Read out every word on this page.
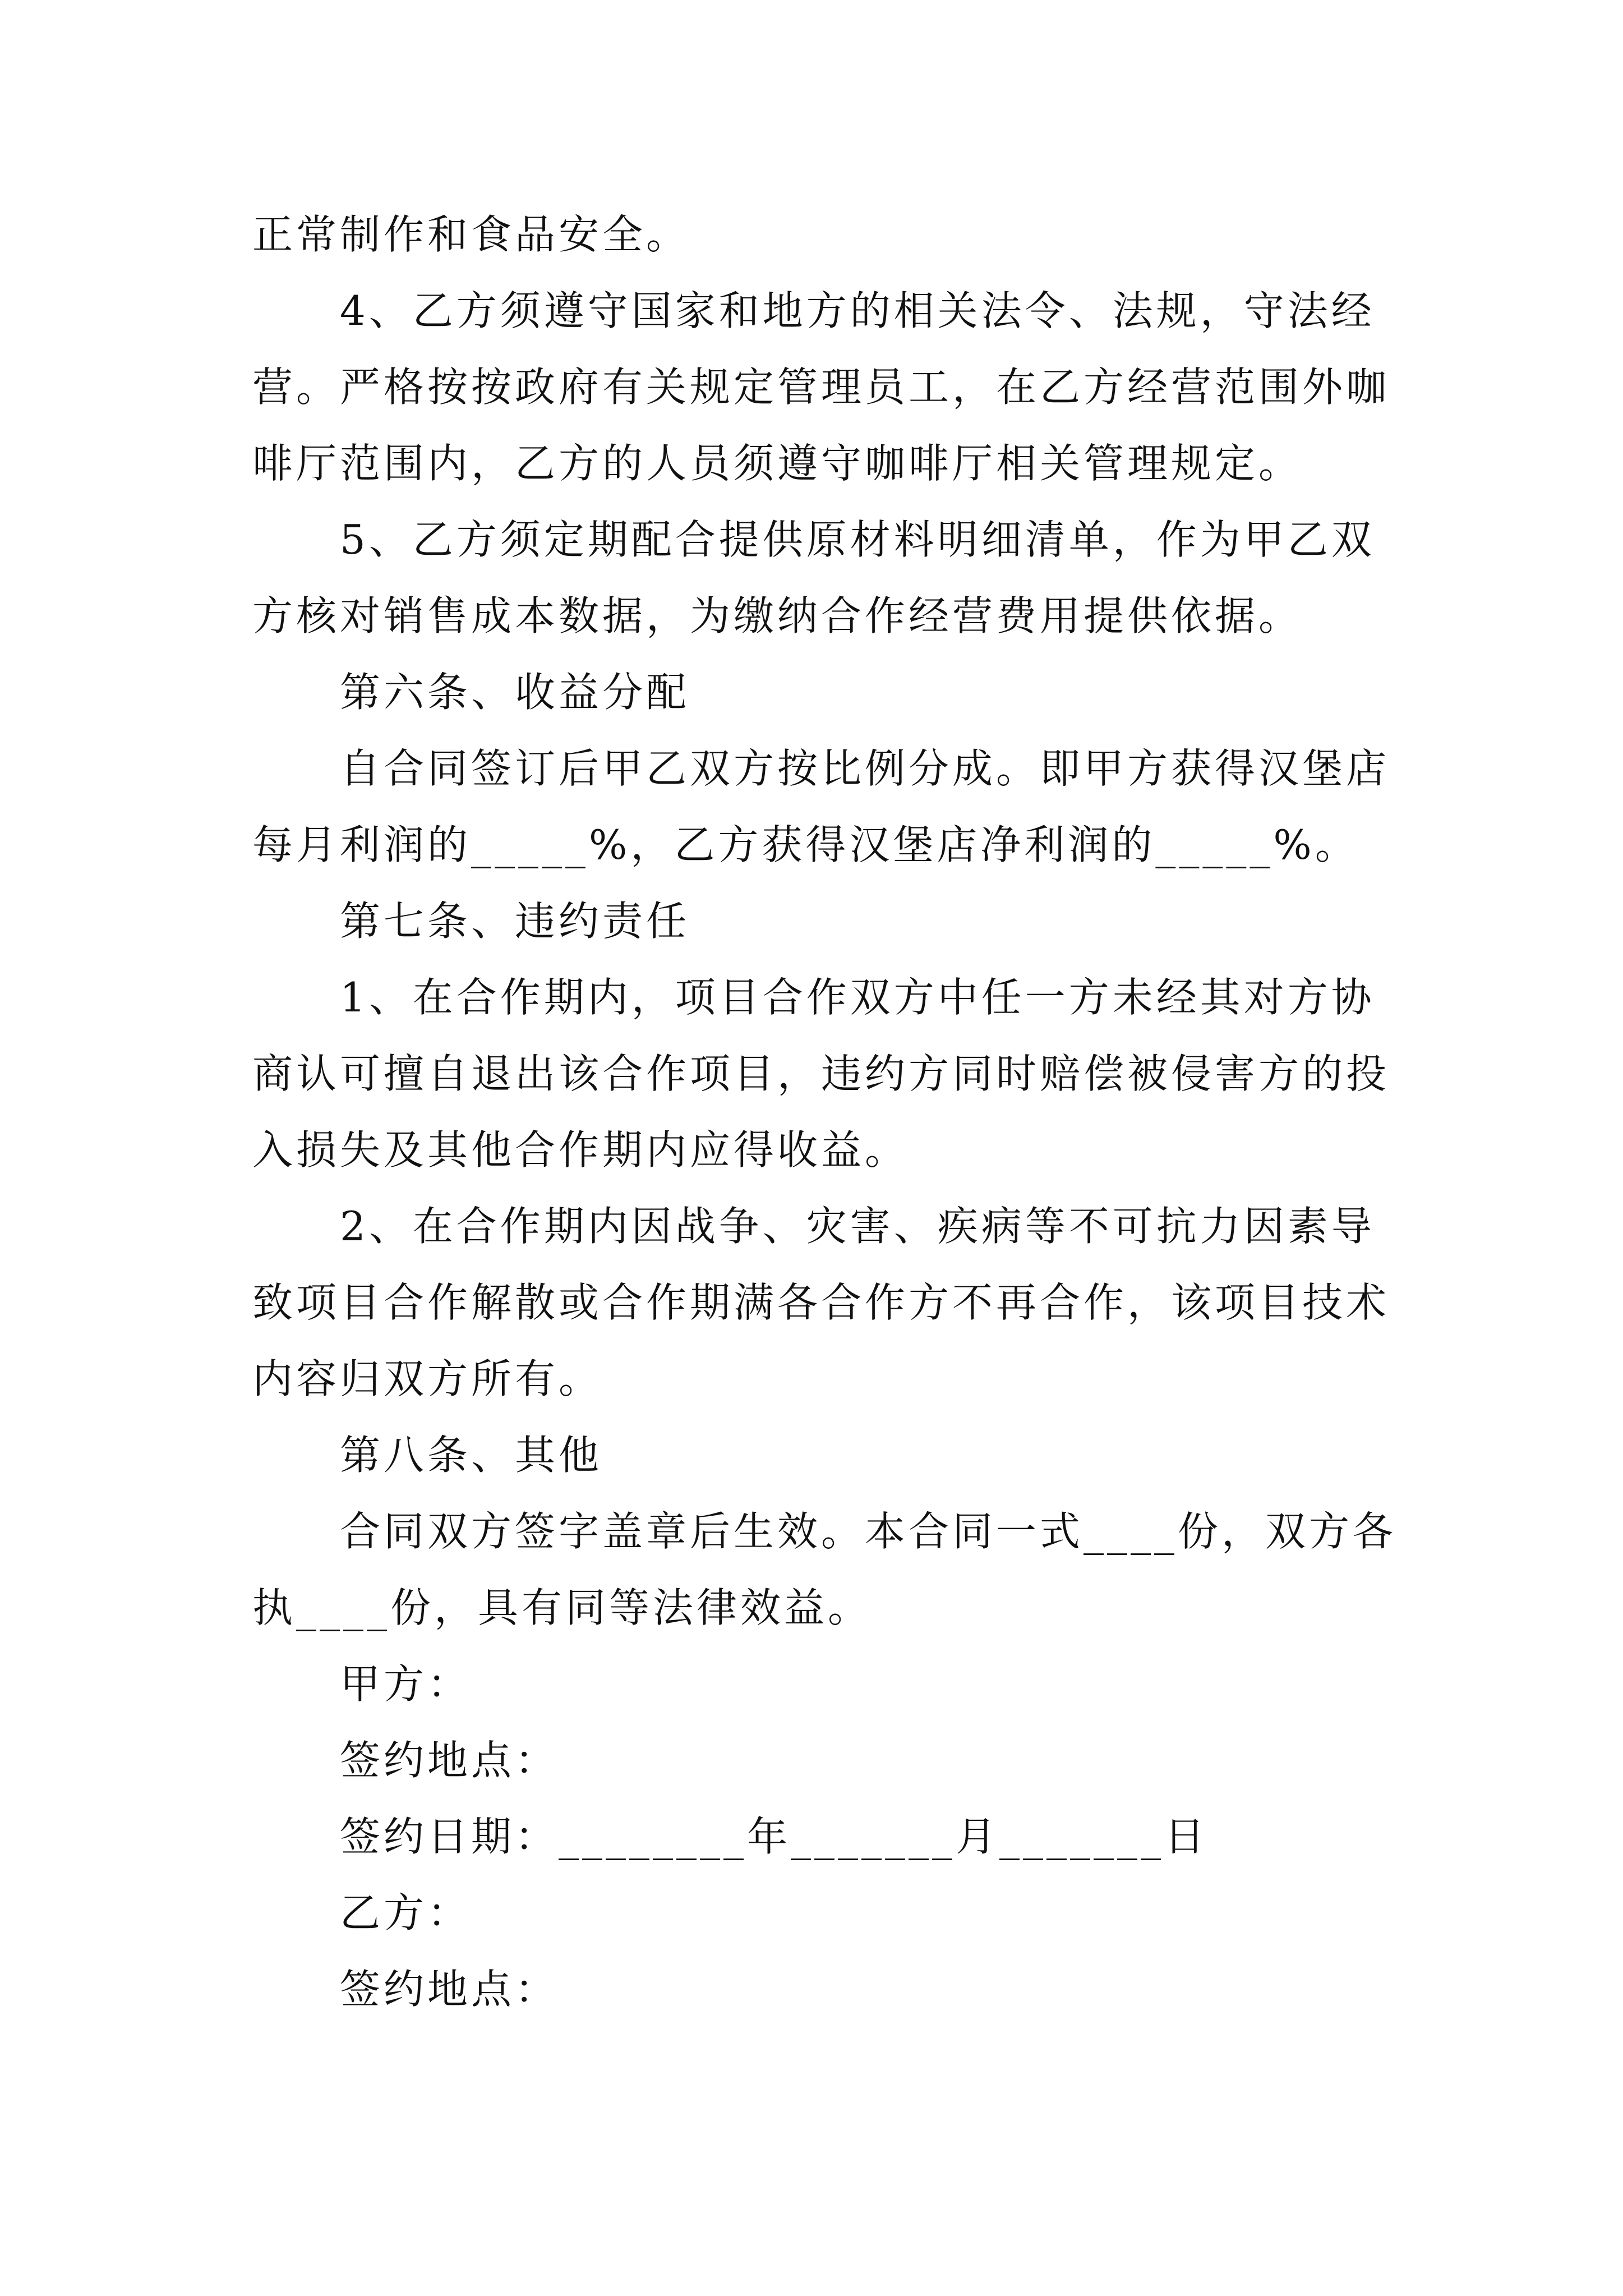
正常制作和食品安全。
4、乙方须遵守国家和地方的相关法令、法规，守法经
营。严格按按政府有关规定管理员工，在乙方经营范围外咖
啡厅范围内，乙方的人员须遵守咖啡厅相关管理规定。
5、乙方须定期配合提供原材料明细清单，作为甲乙双
方核对销售成本数据，为缴纳合作经营费用提供依据。
第六条、收益分配
自合同签订后甲乙双方按比例分成。即甲方获得汉堡店
每月利润的_____%，乙方获得汉堡店净利润的_____%。
第七条、违约责任
1、在合作期内，项目合作双方中任一方未经其对方协
商认可擅自退出该合作项目，违约方同时赔偿被侵害方的投
入损失及其他合作期内应得收益。
2、在合作期内因战争、灾害、疾病等不可抗力因素导
致项目合作解散或合作期满各合作方不再合作，该项目技术
内容归双方所有。
第八条、其他
合同双方签字盖章后生效。本合同一式____份，双方各
执____份，具有同等法律效益。
甲方：
签约地点：
签约日期：________年_______月_______日
乙方：
签约地点：
